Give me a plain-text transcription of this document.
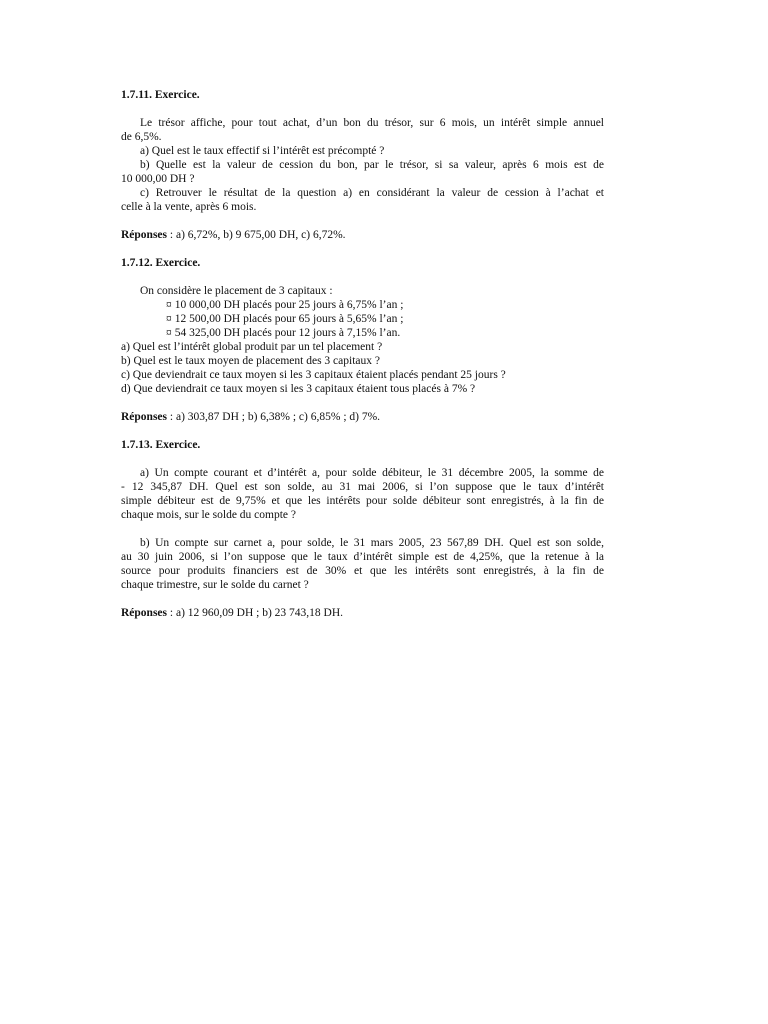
1.7.11. Exercice.

Le trésor affiche, pour tout achat, d’un bon du trésor, sur 6 mois, un intérêt simple annuel

de 6,5%.

a) Quel est le taux effectif si l’intérêt est précompté ?

b) Quelle est la valeur de cession du bon, par le trésor, si sa valeur, après 6 mois est de

10 000,00 DH ?

c) Retrouver le résultat de la question a) en considérant la valeur de cession à l’achat et

celle à la vente, après 6 mois.

Réponses : a) 6,72%, b) 9 675,00 DH, c) 6,72%.

1.7.12. Exercice.

On considère le placement de 3 capitaux :

¤ 10 000,00 DH placés pour 25 jours à 6,75% l’an ;
¤ 12 500,00 DH placés pour 65 jours à 5,65% l’an ;
¤ 54 325,00 DH placés pour 12 jours à 7,15% l’an.

a) Quel est l’intérêt global produit par un tel placement ?

b) Quel est le taux moyen de placement des 3 capitaux ?

c) Que deviendrait ce taux moyen si les 3 capitaux étaient placés pendant 25 jours ?

d) Que deviendrait ce taux moyen si les 3 capitaux étaient tous placés à 7% ?

Réponses : a) 303,87 DH ; b) 6,38% ; c) 6,85% ; d) 7%.

1.7.13. Exercice.

a) Un compte courant et d’intérêt a, pour solde débiteur, le 31 décembre 2005, la somme de

- 12 345,87 DH. Quel est son solde, au 31 mai 2006, si l’on suppose que le taux d’intérêt

simple débiteur est de 9,75% et que les intérêts pour solde débiteur sont enregistrés, à la fin de

chaque mois, sur le solde du compte ?

b) Un compte sur carnet a, pour solde, le 31 mars 2005, 23 567,89 DH. Quel est son solde,

au 30 juin 2006, si l’on suppose que le taux d’intérêt simple est de 4,25%, que la retenue à la

source pour produits financiers est de 30% et que les intérêts sont enregistrés, à la fin de

chaque trimestre, sur le solde du carnet ?

Réponses : a) 12 960,09 DH ; b) 23 743,18 DH.
